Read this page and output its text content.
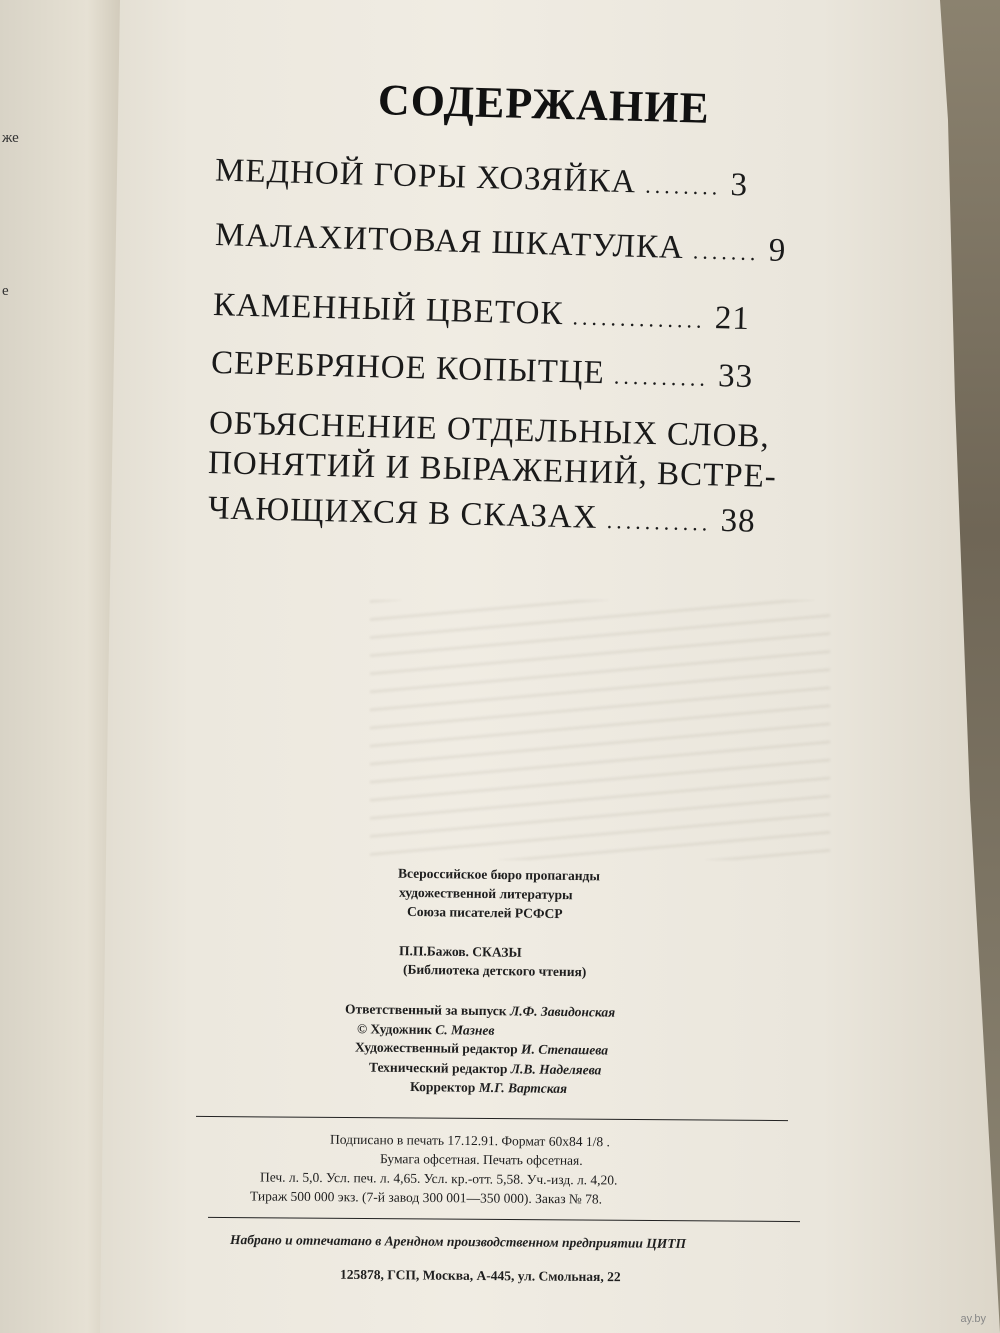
же
е
СОДЕРЖАНИЕ
МЕДНОЙ ГОРЫ ХОЗЯЙКА ........ 3
МАЛАХИТОВАЯ ШКАТУЛКА ....... 9
КАМЕННЫЙ ЦВЕТОК .............. 21
СЕРЕБРЯНОЕ КОПЫТЦЕ .......... 33
ОБЪЯСНЕНИЕ ОТДЕЛЬНЫХ СЛОВ,
ПОНЯТИЙ И ВЫРАЖЕНИЙ, ВСТРЕ-
ЧАЮЩИХСЯ В СКАЗАХ ........... 38
Всероссийское бюро пропаганды
художественной литературы
Союза писателей РСФСР
П.П.Бажов. СКАЗЫ
(Библиотека детского чтения)
Ответственный за выпуск Л.Ф. Завидонская
© Художник С. Мазнев
Художественный редактор И. Степашева
Технический редактор Л.В. Наделяева
Корректор М.Г. Вартская
Подписано в печать 17.12.91. Формат 60x84 1/8 .
Бумага офсетная. Печать офсетная.
Печ. л. 5,0. Усл. печ. л. 4,65. Усл. кр.-отт. 5,58. Уч.-изд. л. 4,20.
Тираж 500 000 экз. (7-й завод 300 001—350 000). Заказ № 78.
Набрано и отпечатано в Арендном производственном предприятии ЦИТП
125878, ГСП, Москва, А-445, ул. Смольная, 22
ay.by
